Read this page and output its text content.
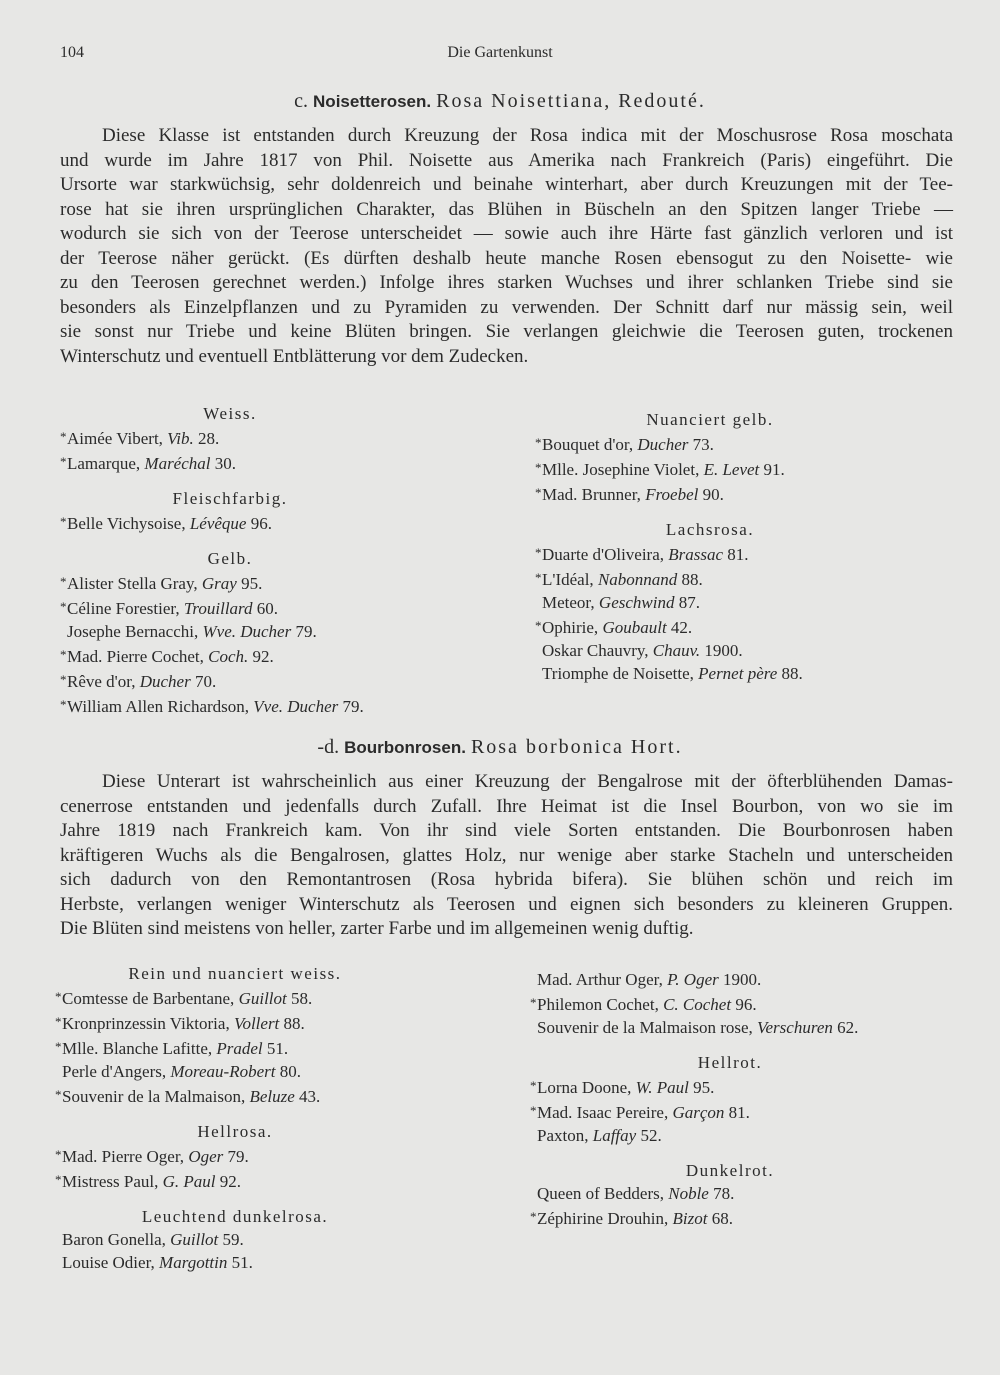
104	Die Gartenkunst
c. Noisetterosen. Rosa Noisettiana, Redouté.
Diese Klasse ist entstanden durch Kreuzung der Rosa indica mit der Moschusrose Rosa moschata
und wurde im Jahre 1817 von Phil. Noisette aus Amerika nach Frankreich (Paris) eingeführt. Die
Ursorte war starkwüchsig, sehr doldenreich und beinahe winterhart, aber durch Kreuzungen mit der Tee-
rose hat sie ihren ursprünglichen Charakter, das Blühen in Büscheln an den Spitzen langer Triebe —
wodurch sie sich von der Teerose unterscheidet — sowie auch ihre Härte fast gänzlich verloren und ist
der Teerose näher gerückt. (Es dürften deshalb heute manche Rosen ebensogut zu den Noisette- wie
zu den Teerosen gerechnet werden.) Infolge ihres starken Wuchses und ihrer schlanken Triebe sind sie
besonders als Einzelpflanzen und zu Pyramiden zu verwenden. Der Schnitt darf nur mässig sein, weil
sie sonst nur Triebe und keine Blüten bringen. Sie verlangen gleichwie die Teerosen guten, trockenen
Winterschutz und eventuell Entblätterung vor dem Zudecken.
Weiss.
*Aimée Vibert, Vib. 28.
*Lamarque, Maréchal 30.
Fleischfarbig.
*Belle Vichysoise, Lévêque 96.
Gelb.
*Alister Stella Gray, Gray 95.
*Céline Forestier, Trouillard 60.
Josephe Bernacchi, Wve. Ducher 79.
*Mad. Pierre Cochet, Coch. 92.
*Rêve d'or, Ducher 70.
*William Allen Richardson, Vve. Ducher 79.
Nuanciert gelb.
*Bouquet d'or, Ducher 73.
*Mlle. Josephine Violet, E. Levet 91.
*Mad. Brunner, Froebel 90.
Lachsrosa.
*Duarte d'Oliveira, Brassac 81.
*L'Idéal, Nabonnand 88.
Meteor, Geschwind 87.
*Ophirie, Goubault 42.
Oskar Chauvry, Chauv. 1900.
Triomphe de Noisette, Pernet père 88.
-d. Bourbonrosen. Rosa borbonica Hort.
Diese Unterart ist wahrscheinlich aus einer Kreuzung der Bengalrose mit der öfterblühenden Damas-
cenerrose entstanden und jedenfalls durch Zufall. Ihre Heimat ist die Insel Bourbon, von wo sie im
Jahre 1819 nach Frankreich kam. Von ihr sind viele Sorten entstanden. Die Bourbonrosen haben
kräftigeren Wuchs als die Bengalrosen, glattes Holz, nur wenige aber starke Stacheln und unterscheiden
sich dadurch von den Remontantrosen (Rosa hybrida bifera). Sie blühen schön und reich im
Herbste, verlangen weniger Winterschutz als Teerosen und eignen sich besonders zu kleineren Gruppen.
Die Blüten sind meistens von heller, zarter Farbe und im allgemeinen wenig duftig.
Rein und nuanciert weiss.
*Comtesse de Barbentane, Guillot 58.
*Kronprinzessin Viktoria, Vollert 88.
*Mlle. Blanche Lafitte, Pradel 51.
Perle d'Angers, Moreau-Robert 80.
*Souvenir de la Malmaison, Beluze 43.
Hellrosa.
*Mad. Pierre Oger, Oger 79.
*Mistress Paul, G. Paul 92.
Leuchtend dunkelrosa.
Baron Gonella, Guillot 59.
Louise Odier, Margottin 51.
Mad. Arthur Oger, P. Oger 1900.
*Philemon Cochet, C. Cochet 96.
Souvenir de la Malmaison rose, Verschuren 62.
Hellrot.
*Lorna Doone, W. Paul 95.
*Mad. Isaac Pereire, Garçon 81.
Paxton, Laffay 52.
Dunkelrot.
Queen of Bedders, Noble 78.
*Zéphirine Drouhin, Bizot 68.
